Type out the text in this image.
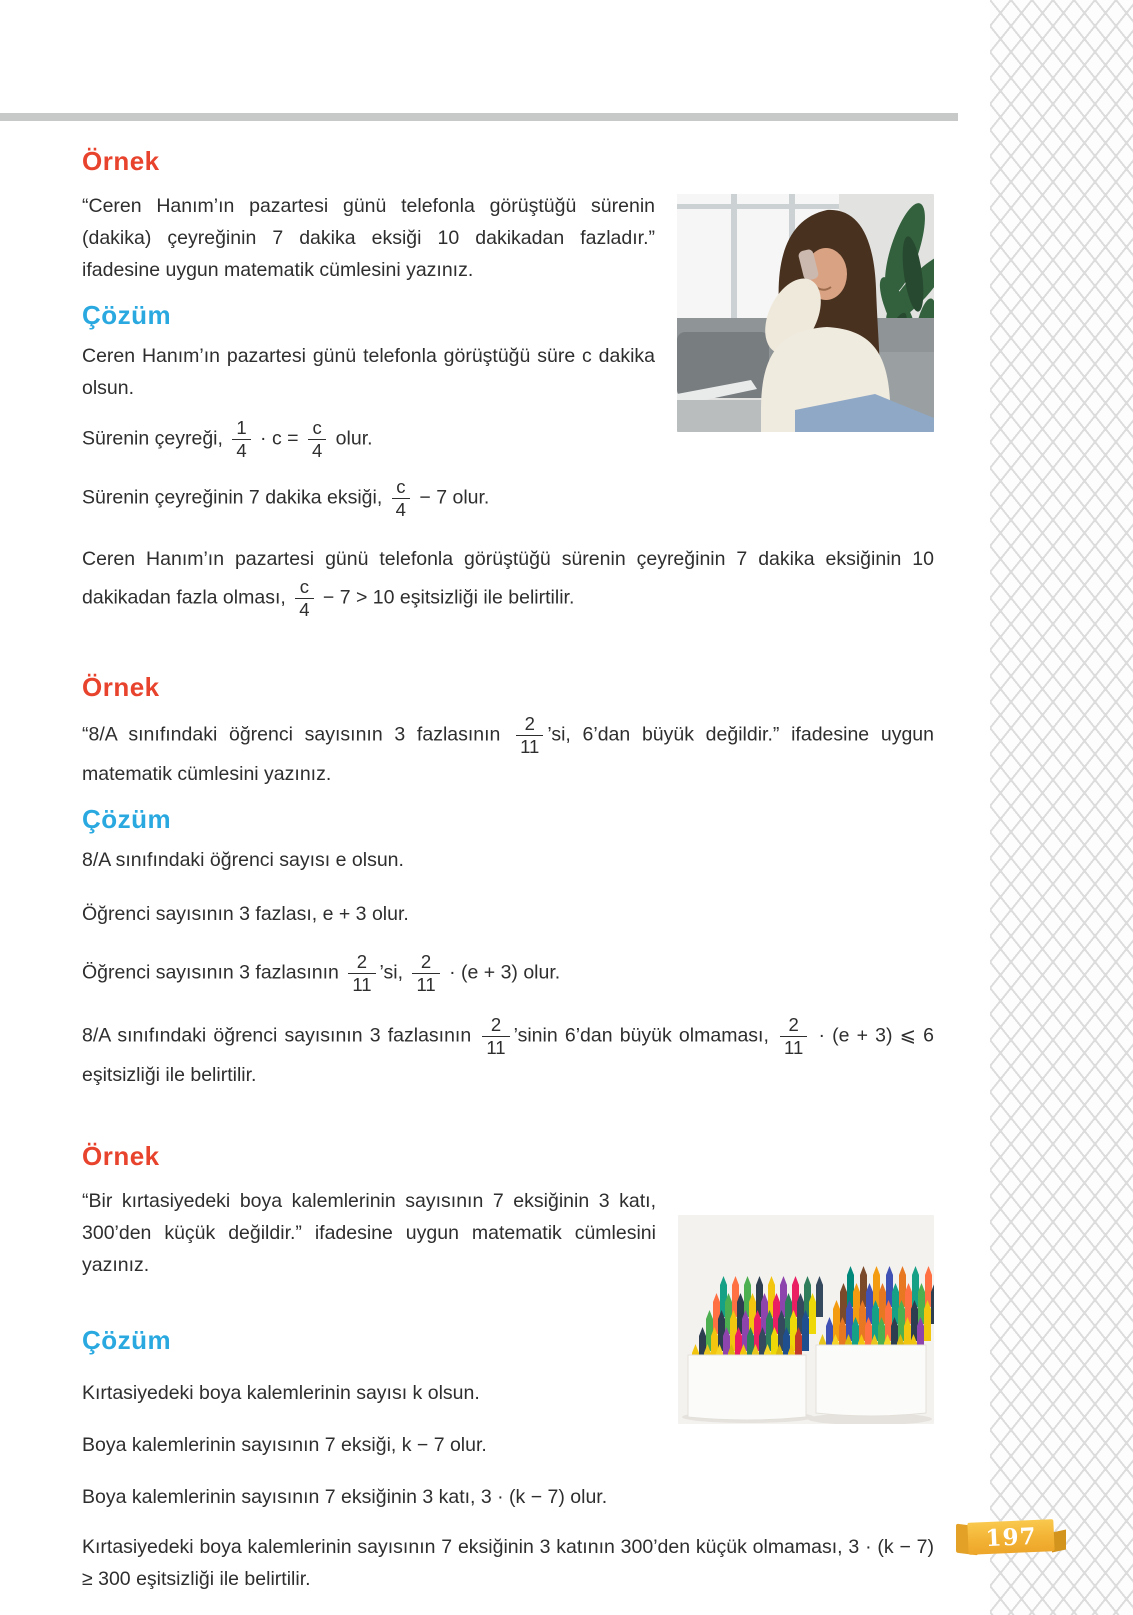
Örnek

“Ceren Hanım’ın pazartesi günü telefonla görüştüğü sürenin (dakika) çeyreğinin 7 dakika eksiği 10 dakikadan fazladır.” ifadesine uygun matematik cümlesini yazınız.

Çözüm

Ceren Hanım’ın pazartesi günü telefonla görüştüğü süre c dakika olsun.

Sürenin çeyreği, $\frac{1}{4} \cdot c = \frac{c}{4}$ olur.

Sürenin çeyreğinin 7 dakika eksiği, $\frac{c}{4} - 7$ olur.

Ceren Hanım’ın pazartesi günü telefonla görüştüğü sürenin çeyreğinin 7 dakika eksiğinin 10 dakikadan fazla olması, $\frac{c}{4} - 7 > 10$ eşitsizliği ile belirtilir.

Örnek

“8/A sınıfındaki öğrenci sayısının 3 fazlasının $\frac{2}{11}$ ’si, 6’dan büyük değildir.” ifadesine uygun matematik cümlesini yazınız.

Çözüm

8/A sınıfındaki öğrenci sayısı e olsun.

Öğrenci sayısının 3 fazlası, e + 3 olur.

Öğrenci sayısının 3 fazlasının $\frac{2}{11}$ ’si, $\frac{2}{11} \cdot (e + 3)$ olur.

8/A sınıfındaki öğrenci sayısının 3 fazlasının $\frac{2}{11}$ ’sinin 6’dan büyük olmaması, $\frac{2}{11} \cdot (e + 3)$ ⩽ 6 eşitsizliği ile belirtilir.

Örnek

“Bir kırtasiyedeki boya kalemlerinin sayısının 7 eksiğinin 3 katı, 300’den küçük değildir.” ifadesine uygun matematik cümlesini yazınız.

Çözüm

Kırtasiyedeki boya kalemlerinin sayısı k olsun.

Boya kalemlerinin sayısının 7 eksiği, k − 7 olur.

Boya kalemlerinin sayısının 7 eksiğinin 3 katı, 3 · (k − 7) olur.

Kırtasiyedeki boya kalemlerinin sayısının 7 eksiğinin 3 katının 300’den küçük olmaması, 3 · (k − 7) ≥ 300 eşitsizliği ile belirtilir.

197
